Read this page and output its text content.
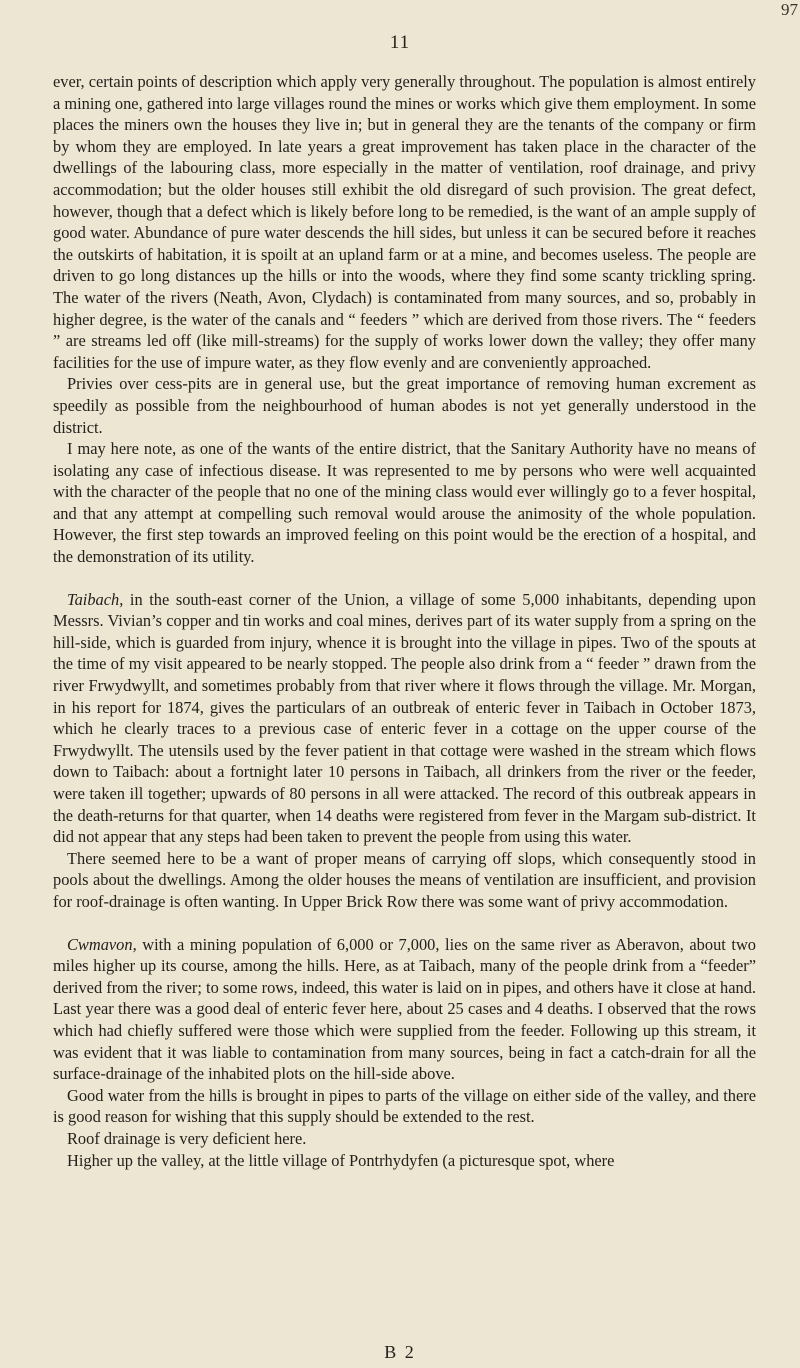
97
11

ever, certain points of description which apply very generally throughout. The population is almost entirely a mining one, gathered into large villages round the mines or works which give them employment. In some places the miners own the houses they live in; but in general they are the tenants of the company or firm by whom they are employed. In late years a great improvement has taken place in the character of the dwellings of the labouring class, more especially in the matter of ventilation, roof drainage, and privy accommodation; but the older houses still exhibit the old disregard of such provision. The great defect, however, though that a defect which is likely before long to be remedied, is the want of an ample supply of good water. Abundance of pure water descends the hill sides, but unless it can be secured before it reaches the outskirts of habitation, it is spoilt at an upland farm or at a mine, and becomes useless. The people are driven to go long distances up the hills or into the woods, where they find some scanty trickling spring. The water of the rivers (Neath, Avon, Clydach) is contaminated from many sources, and so, probably in higher degree, is the water of the canals and “ feeders ” which are derived from those rivers. The “ feeders ” are streams led off (like mill-streams) for the supply of works lower down the valley; they offer many facilities for the use of impure water, as they flow evenly and are conveniently approached.

Privies over cess-pits are in general use, but the great importance of removing human excrement as speedily as possible from the neighbourhood of human abodes is not yet generally understood in the district.

I may here note, as one of the wants of the entire district, that the Sanitary Authority have no means of isolating any case of infectious disease. It was represented to me by persons who were well acquainted with the character of the people that no one of the mining class would ever willingly go to a fever hospital, and that any attempt at compelling such removal would arouse the animosity of the whole population. However, the first step towards an improved feeling on this point would be the erection of a hospital, and the demonstration of its utility.

Taibach, in the south-east corner of the Union, a village of some 5,000 inhabitants, depending upon Messrs. Vivian’s copper and tin works and coal mines, derives part of its water supply from a spring on the hill-side, which is guarded from injury, whence it is brought into the village in pipes. Two of the spouts at the time of my visit appeared to be nearly stopped. The people also drink from a “ feeder ” drawn from the river Frwydwyllt, and sometimes probably from that river where it flows through the village. Mr. Morgan, in his report for 1874, gives the particulars of an outbreak of enteric fever in Taibach in October 1873, which he clearly traces to a previous case of enteric fever in a cottage on the upper course of the Frwydwyllt. The utensils used by the fever patient in that cottage were washed in the stream which flows down to Taibach: about a fortnight later 10 persons in Taibach, all drinkers from the river or the feeder, were taken ill together; upwards of 80 persons in all were attacked. The record of this outbreak appears in the death-returns for that quarter, when 14 deaths were registered from fever in the Margam sub-district. It did not appear that any steps had been taken to prevent the people from using this water.

There seemed here to be a want of proper means of carrying off slops, which consequently stood in pools about the dwellings. Among the older houses the means of ventilation are insufficient, and provision for roof-drainage is often wanting. In Upper Brick Row there was some want of privy accommodation.

Cwmavon, with a mining population of 6,000 or 7,000, lies on the same river as Aberavon, about two miles higher up its course, among the hills. Here, as at Taibach, many of the people drink from a “feeder” derived from the river; to some rows, indeed, this water is laid on in pipes, and others have it close at hand. Last year there was a good deal of enteric fever here, about 25 cases and 4 deaths. I observed that the rows which had chiefly suffered were those which were supplied from the feeder. Following up this stream, it was evident that it was liable to contamination from many sources, being in fact a catch-drain for all the surface-drainage of the inhabited plots on the hill-side above.

Good water from the hills is brought in pipes to parts of the village on either side of the valley, and there is good reason for wishing that this supply should be extended to the rest.

Roof drainage is very deficient here.

Higher up the valley, at the little village of Pontrhydyfen (a picturesque spot, where

B 2
